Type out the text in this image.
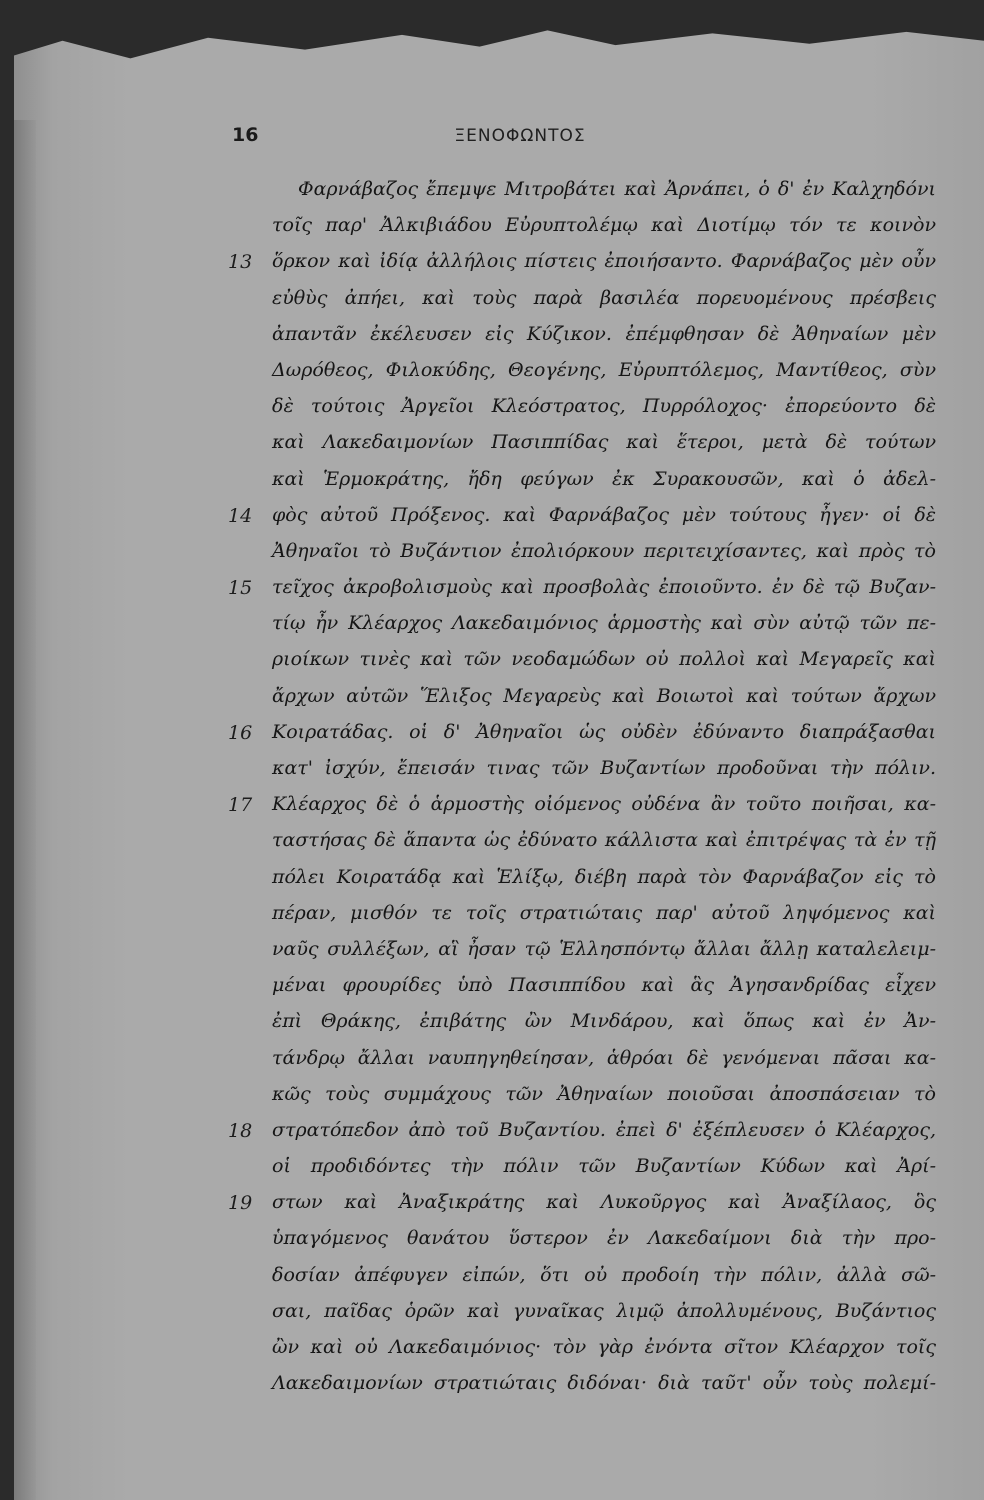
16	ΞΕΝΟΦΩΝΤΟΣ
Φαρνάβαζος ἔπεμψε Μιτροβάτει καὶ Ἀρνάπει, ὁ δ' ἐν Καλχηδόνι
τοῖς παρ' Ἀλκιβιάδου Εὐρυπτολέμῳ καὶ Διοτίμῳ τόν τε κοινὸν
13	ὅρκον καὶ ἰδίᾳ ἀλλήλοις πίστεις ἐποιήσαντο. Φαρνάβαζος μὲν οὖν
εὐθὺς ἀπήει, καὶ τοὺς παρὰ βασιλέα πορευομένους πρέσβεις
ἀπαντᾶν ἐκέλευσεν εἰς Κύζικον. ἐπέμφθησαν δὲ Ἀθηναίων μὲν
Δωρόθεος, Φιλοκύδης, Θεογένης, Εὐρυπτόλεμος, Μαντίθεος, σὺν
δὲ τούτοις Ἀργεῖοι Κλεόστρατος, Πυρρόλοχος· ἐπορεύοντο δὲ
καὶ Λακεδαιμονίων Πασιππίδας καὶ ἕτεροι, μετὰ δὲ τούτων
καὶ Ἑρμοκράτης, ἤδη φεύγων ἐκ Συρακουσῶν, καὶ ὁ ἀδελ-
14	φὸς αὐτοῦ Πρόξενος. καὶ Φαρνάβαζος μὲν τούτους ἦγεν· οἱ δὲ
Ἀθηναῖοι τὸ Βυζάντιον ἐπολιόρκουν περιτειχίσαντες, καὶ πρὸς τὸ
15	τεῖχος ἀκροβολισμοὺς καὶ προσβολὰς ἐποιοῦντο. ἐν δὲ τῷ Βυζαν-
τίῳ ἦν Κλέαρχος Λακεδαιμόνιος ἁρμοστὴς καὶ σὺν αὐτῷ τῶν πε-
ριοίκων τινὲς καὶ τῶν νεοδαμώδων οὐ πολλοὶ καὶ Μεγαρεῖς καὶ
ἄρχων αὐτῶν Ἕλιξος Μεγαρεὺς καὶ Βοιωτοὶ καὶ τούτων ἄρχων
16	Κοιρατάδας. οἱ δ' Ἀθηναῖοι ὡς οὐδὲν ἐδύναντο διαπράξασθαι
κατ' ἰσχύν, ἔπεισάν τινας τῶν Βυζαντίων προδοῦναι τὴν πόλιν.
17	Κλέαρχος δὲ ὁ ἁρμοστὴς οἰόμενος οὐδένα ἂν τοῦτο ποιῆσαι, κα-
ταστήσας δὲ ἅπαντα ὡς ἐδύνατο κάλλιστα καὶ ἐπιτρέψας τὰ ἐν τῇ
πόλει Κοιρατάδᾳ καὶ Ἑλίξῳ, διέβη παρὰ τὸν Φαρνάβαζον εἰς τὸ
πέραν, μισθόν τε τοῖς στρατιώταις παρ' αὐτοῦ ληψόμενος καὶ
ναῦς συλλέξων, αἳ ἦσαν τῷ Ἑλλησπόντῳ ἄλλαι ἄλλῃ καταλελειμ-
μέναι φρουρίδες ὑπὸ Πασιππίδου καὶ ἃς Ἀγησανδρίδας εἶχεν
ἐπὶ Θράκης, ἐπιβάτης ὢν Μινδάρου, καὶ ὅπως καὶ ἐν Ἀν-
τάνδρῳ ἄλλαι ναυπηγηθείησαν, ἁθρόαι δὲ γενόμεναι πᾶσαι κα-
κῶς τοὺς συμμάχους τῶν Ἀθηναίων ποιοῦσαι ἀποσπάσειαν τὸ
18	στρατόπεδον ἀπὸ τοῦ Βυζαντίου. ἐπεὶ δ' ἐξέπλευσεν ὁ Κλέαρχος,
οἱ προδιδόντες τὴν πόλιν τῶν Βυζαντίων Κύδων καὶ Ἀρί-
19	στων καὶ Ἀναξικράτης καὶ Λυκοῦργος καὶ Ἀναξίλαος, ὃς
ὑπαγόμενος θανάτου ὕστερον ἐν Λακεδαίμονι διὰ τὴν προ-
δοσίαν ἀπέφυγεν εἰπών, ὅτι οὐ προδοίη τὴν πόλιν, ἀλλὰ σῶ-
σαι, παῖδας ὁρῶν καὶ γυναῖκας λιμῷ ἀπολλυμένους, Βυζάντιος
ὢν καὶ οὐ Λακεδαιμόνιος· τὸν γὰρ ἐνόντα σῖτον Κλέαρχον τοῖς
Λακεδαιμονίων στρατιώταις διδόναι· διὰ ταῦτ' οὖν τοὺς πολεμί-
